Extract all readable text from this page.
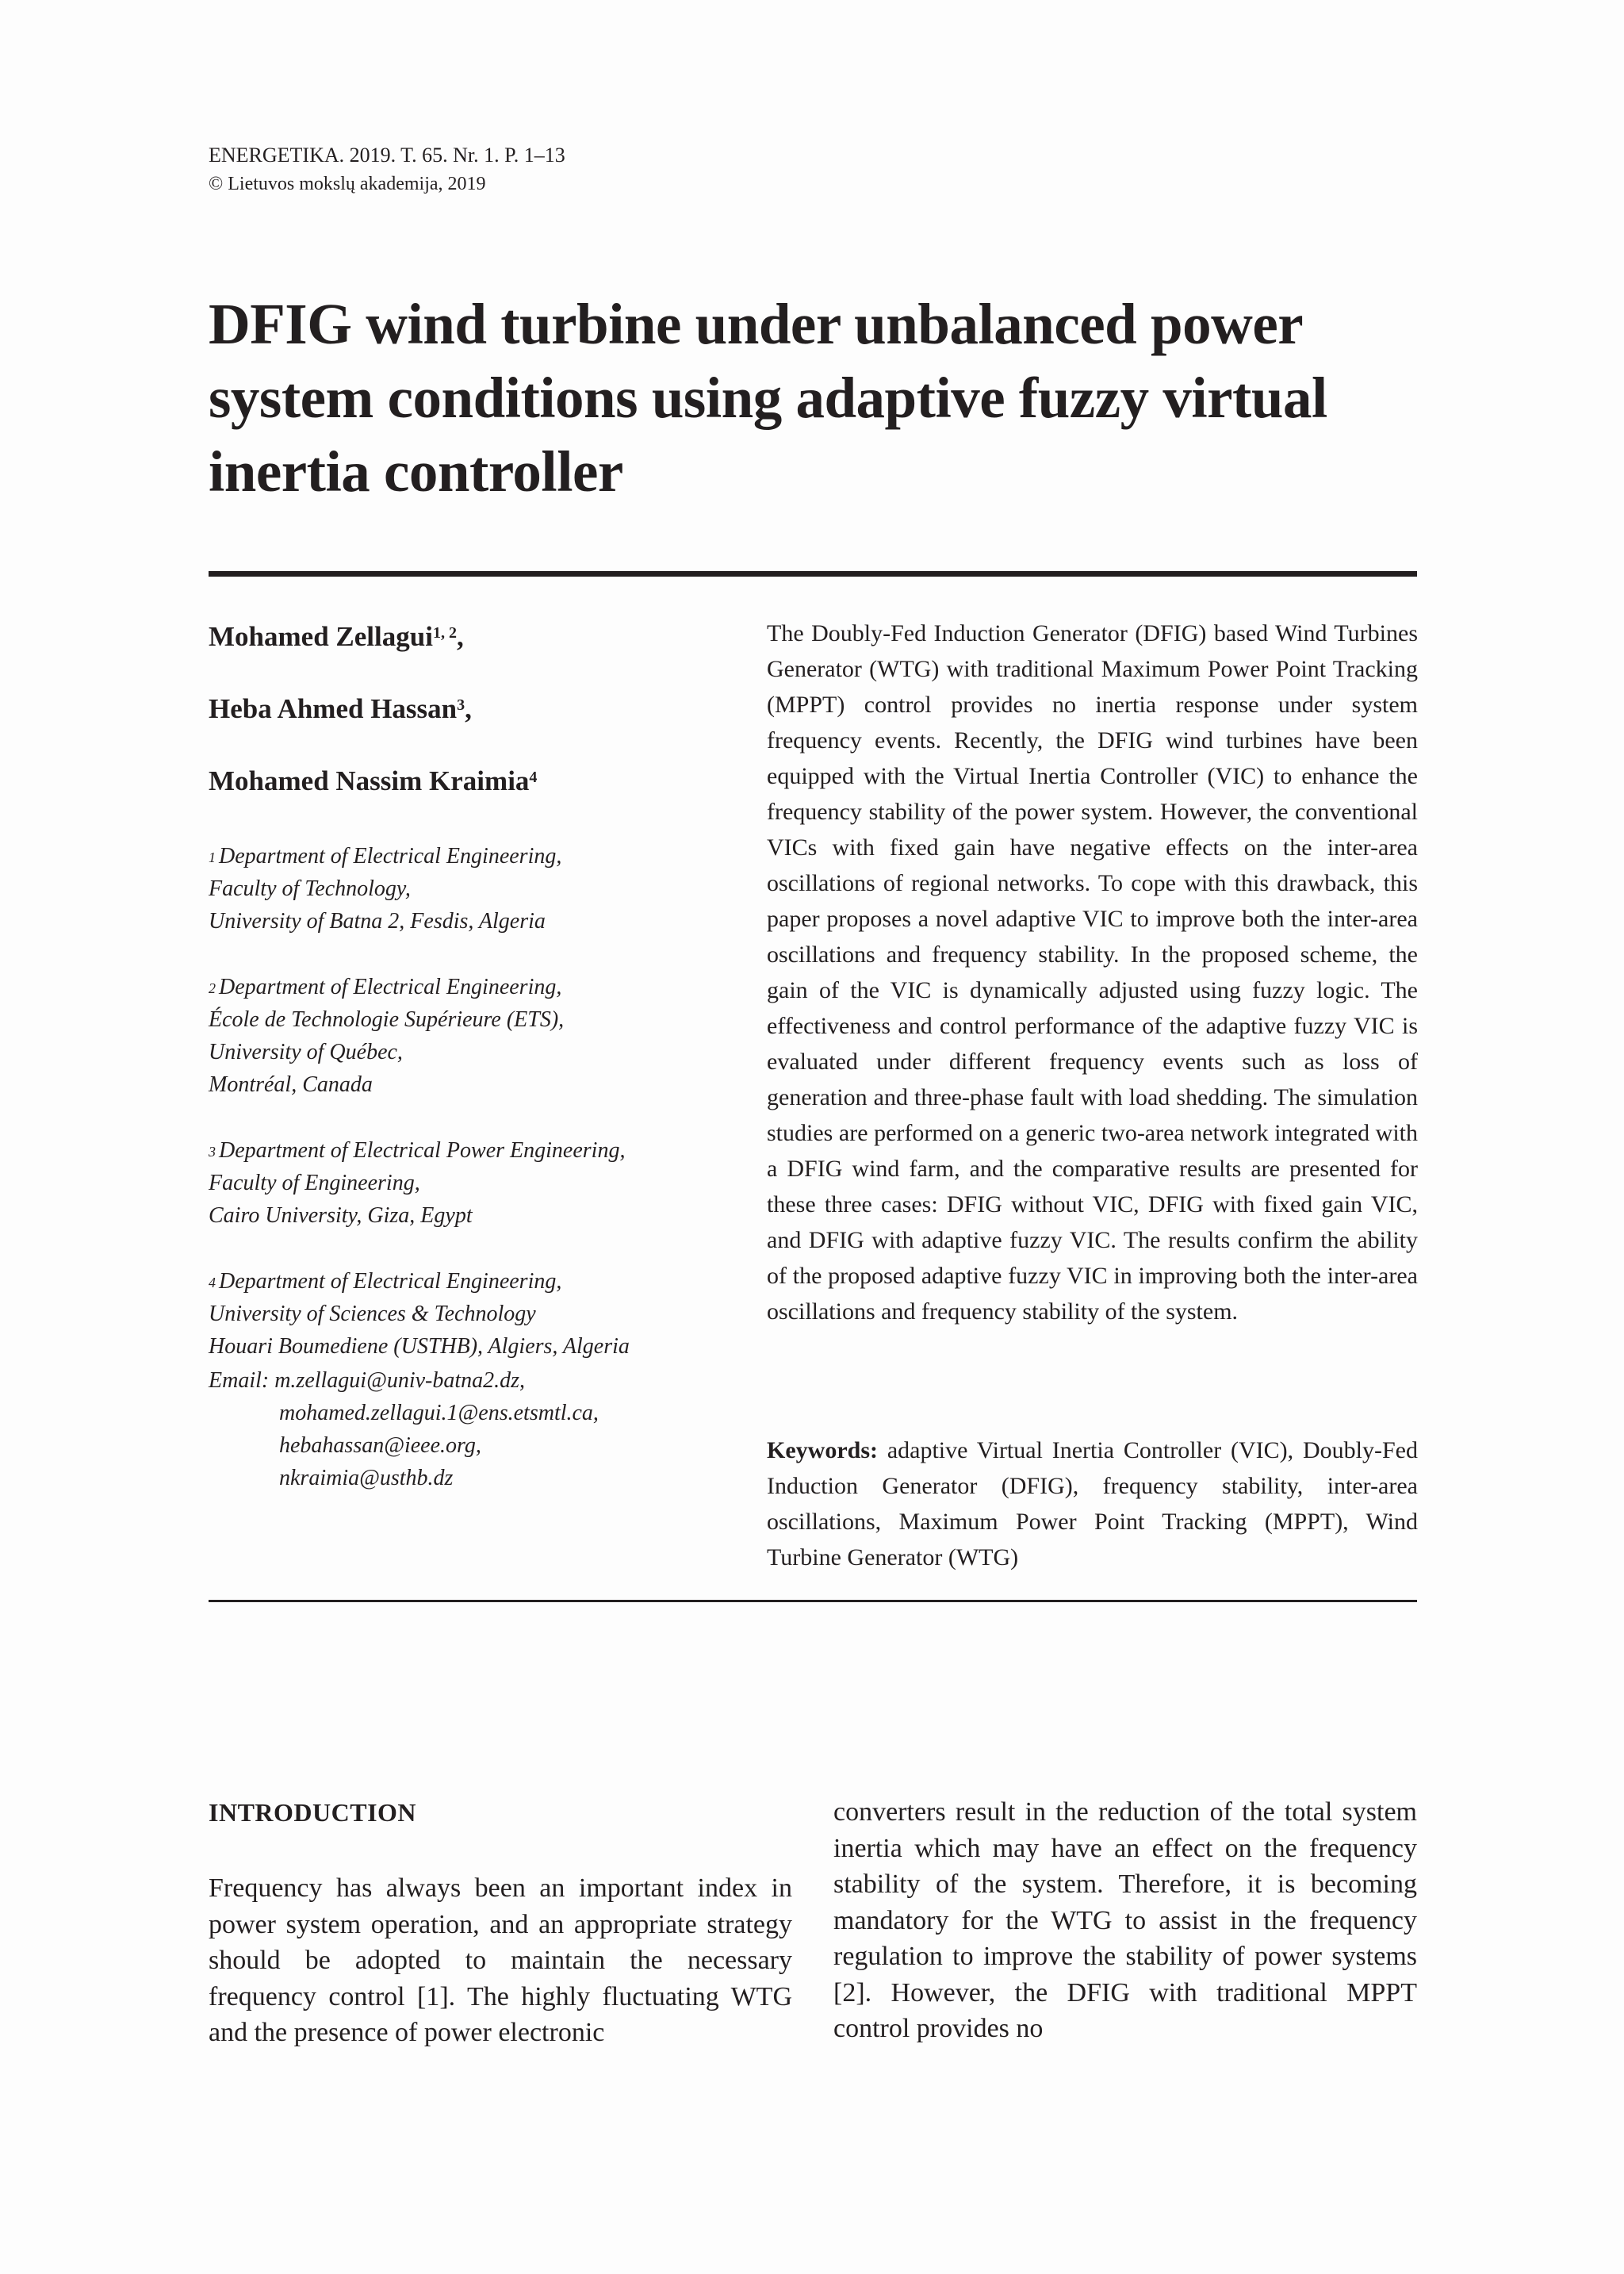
ENERGETIKA. 2019. T. 65. Nr. 1. P. 1–13
© Lietuvos mokslų akademija, 2019
DFIG wind turbine under unbalanced power system conditions using adaptive fuzzy virtual inertia controller

Mohamed Zellagui$^{1, 2}$,

Heba Ahmed Hassan$^3$,

Mohamed Nassim Kraimia$^4$

$^1$ Department of Electrical Engineering,
Faculty of Technology,
University of Batna 2, Fesdis, Algeria
$^2$ Department of Electrical Engineering,
École de Technologie Supérieure (ETS),
University of Québec,
Montréal, Canada
$^3$ Department of Electrical Power Engineering,
Faculty of Engineering,
Cairo University, Giza, Egypt
$^4$ Department of Electrical Engineering,
University of Sciences & Technology
Houari Boumediene (USTHB), Algiers, Algeria
Email: m.zellagui@univ-batna2.dz,
mohamed.zellagui.1@ens.etsmtl.ca,
hebahassan@ieee.org,
nkraimia@usthb.dz

The Doubly-Fed Induction Generator (DFIG) based Wind Turbines Generator (WTG) with traditional Maximum Power Point Tracking (MPPT) control provides no inertia response under system frequency events. Recently, the DFIG wind turbines have been equipped with the Virtual Inertia Controller (VIC) to enhance the frequency stability of the power system. However, the conventional VICs with fixed gain have negative effects on the inter-area oscillations of regional networks. To cope with this drawback, this paper proposes a novel adaptive VIC to improve both the inter-area oscillations and frequency stability. In the proposed scheme, the gain of the VIC is dynamically adjusted using fuzzy logic. The effectiveness and control performance of the adaptive fuzzy VIC is evaluated under different frequency events such as loss of generation and three-phase fault with load shedding. The simulation studies are performed on a generic two-area network integrated with a DFIG wind farm, and the comparative results are presented for these three cases: DFIG without VIC, DFIG with fixed gain VIC, and DFIG with adaptive fuzzy VIC. The results confirm the ability of the proposed adaptive fuzzy VIC in improving both the inter-area oscillations and frequency stability of the system.

Keywords: adaptive Virtual Inertia Controller (VIC), Doubly-Fed Induction Generator (DFIG), frequency stability, inter-area oscillations, Maximum Power Point Tracking (MPPT), Wind Turbine Generator (WTG)

INTRODUCTION

Frequency has always been an important index in power system operation, and an appropriate strategy should be adopted to maintain the necessary frequency control [1]. The highly fluctuating WTG and the presence of power electronic

converters result in the reduction of the total system inertia which may have an effect on the frequency stability of the system. Therefore, it is becoming mandatory for the WTG to assist in the frequency regulation to improve the stability of power systems [2]. However, the DFIG with traditional MPPT control provides no
